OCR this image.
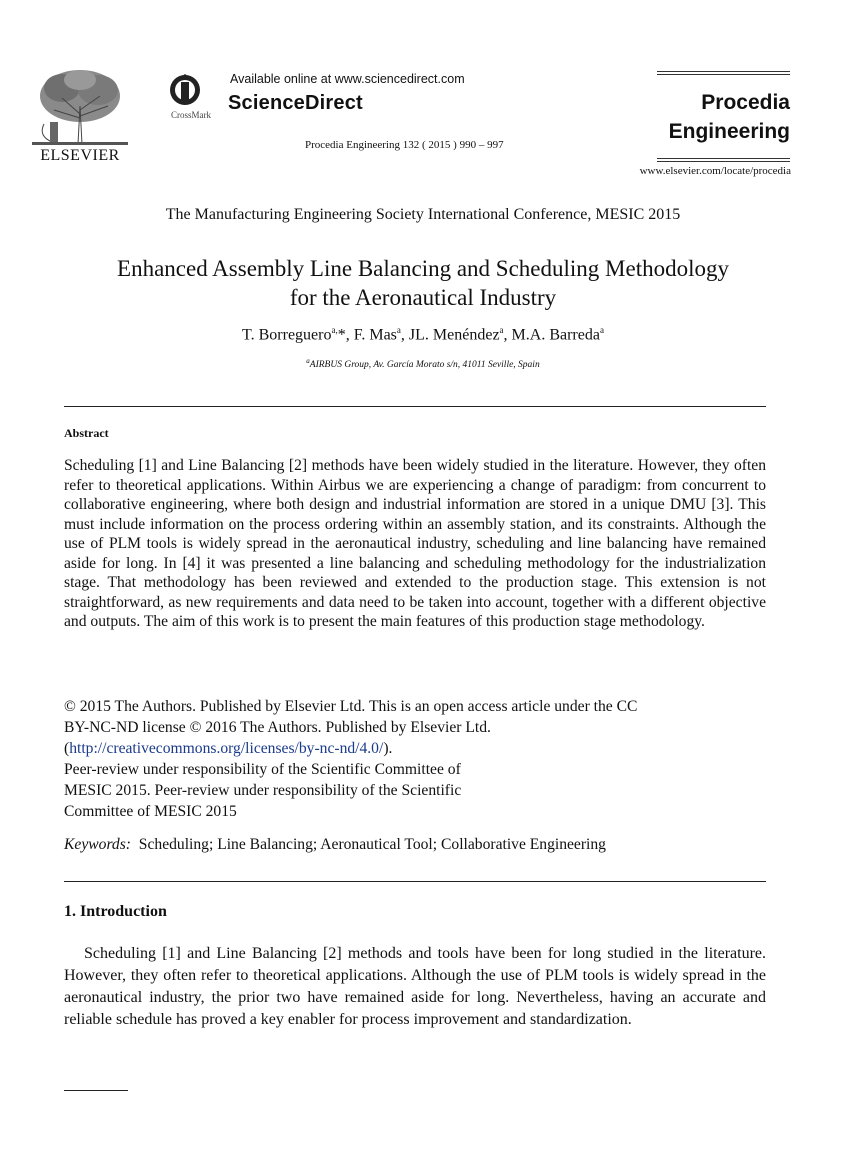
ELSEVIER
CrossMark
Available online at www.sciencedirect.com
ScienceDirect
Procedia Engineering 132 ( 2015 ) 990 – 997
Procedia
Engineering
www.elsevier.com/locate/procedia
The Manufacturing Engineering Society International Conference, MESIC 2015
Enhanced Assembly Line Balancing and Scheduling Methodology
for the Aeronautical Industry
T. Borreguero$^{a,}$*, F. Mas$^a$, JL. Menéndez$^a$, M.A. Barreda$^a$
$^a$AIRBUS Group, Av. García Morato s/n, 41011 Seville, Spain
Abstract
Scheduling [1] and Line Balancing [2] methods have been widely studied in the literature. However, they often refer to theoretical applications. Within Airbus we are experiencing a change of paradigm: from concurrent to collaborative engineering, where both design and industrial information are stored in a unique DMU [3]. This must include information on the process ordering within an assembly station, and its constraints. Although the use of PLM tools is widely spread in the aeronautical industry, scheduling and line balancing have remained aside for long. In [4] it was presented a line balancing and scheduling methodology for the industrialization stage. That methodology has been reviewed and extended to the production stage. This extension is not straightforward, as new requirements and data need to be taken into account, together with a different objective and outputs. The aim of this work is to present the main features of this production stage methodology.
© 2015 The Authors. Published by Elsevier Ltd. This is an open access article under the CC
BY-NC-ND license © 2016 The Authors. Published by Elsevier Ltd.
(http://creativecommons.org/licenses/by-nc-nd/4.0/).
Peer-review under responsibility of the Scientific Committee of
MESIC 2015. Peer-review under responsibility of the Scientific
Committee of MESIC 2015
Keywords: Scheduling; Line Balancing; Aeronautical Tool; Collaborative Engineering
1. Introduction
Scheduling [1] and Line Balancing [2] methods and tools have been for long studied in the literature. However, they often refer to theoretical applications. Although the use of PLM tools is widely spread in the aeronautical industry, the prior two have remained aside for long. Nevertheless, having an accurate and reliable schedule has proved a key enabler for process improvement and standardization.
